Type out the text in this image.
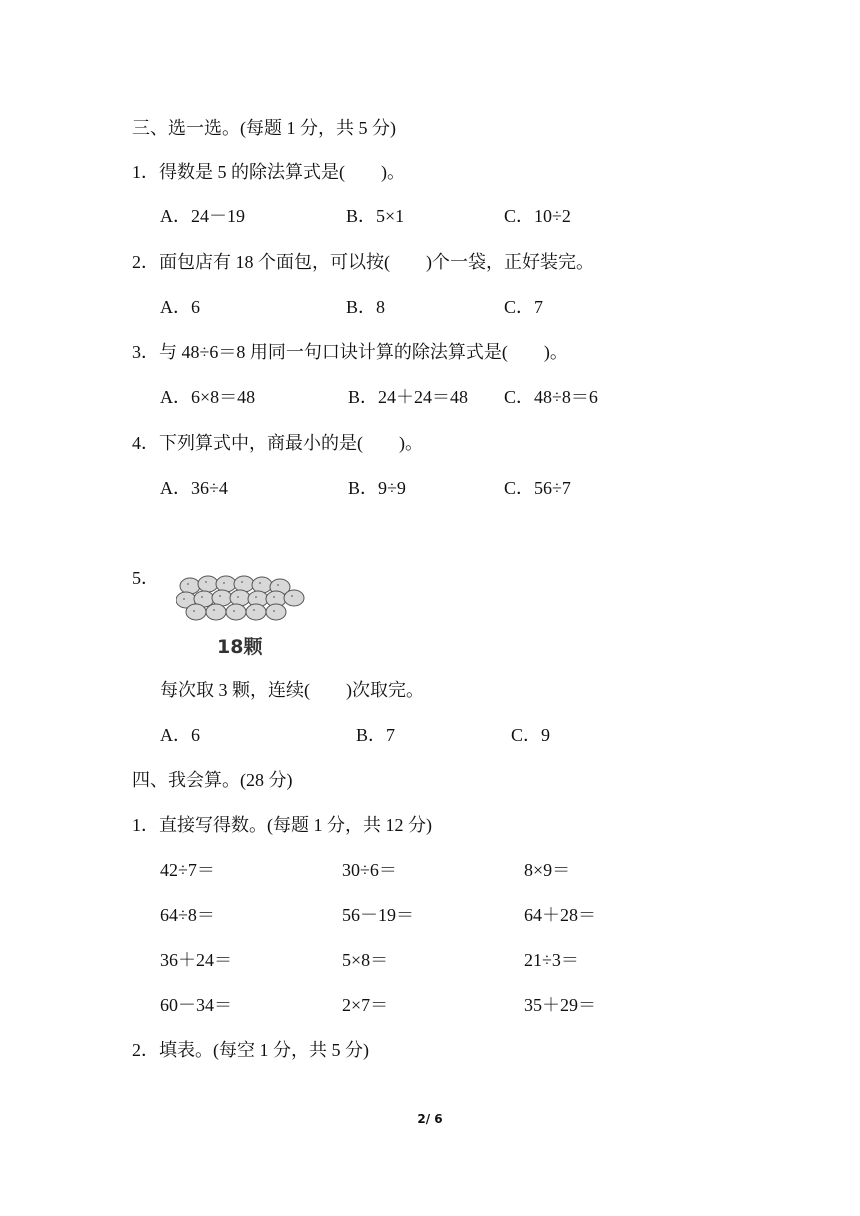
三、选一选。(每题 1 分，共 5 分)
1．得数是 5 的除法算式是(　　)。
A．24－19	B．5×1	C．10÷2
2．面包店有 18 个面包，可以按(　　)个一袋，正好装完。
A．6	B．8	C．7
3．与 48÷6＝8 用同一句口诀计算的除法算式是(　　)。
A．6×8＝48	B．24＋24＝48 C．48÷8＝6
4．下列算式中，商最小的是(　　)。
A．36÷4	B．9÷9	C．56÷7
5．
18颗
每次取 3 颗，连续(　　)次取完。
A．6	B．7	C．9
四、我会算。(28 分)
1．直接写得数。(每题 1 分，共 12 分)
42÷7＝	30÷6＝	8×9＝
64÷8＝	56－19＝	64＋28＝
36＋24＝	5×8＝	21÷3＝
60－34＝	2×7＝	35＋29＝
2．填表。(每空 1 分，共 5 分)
2/ 6
